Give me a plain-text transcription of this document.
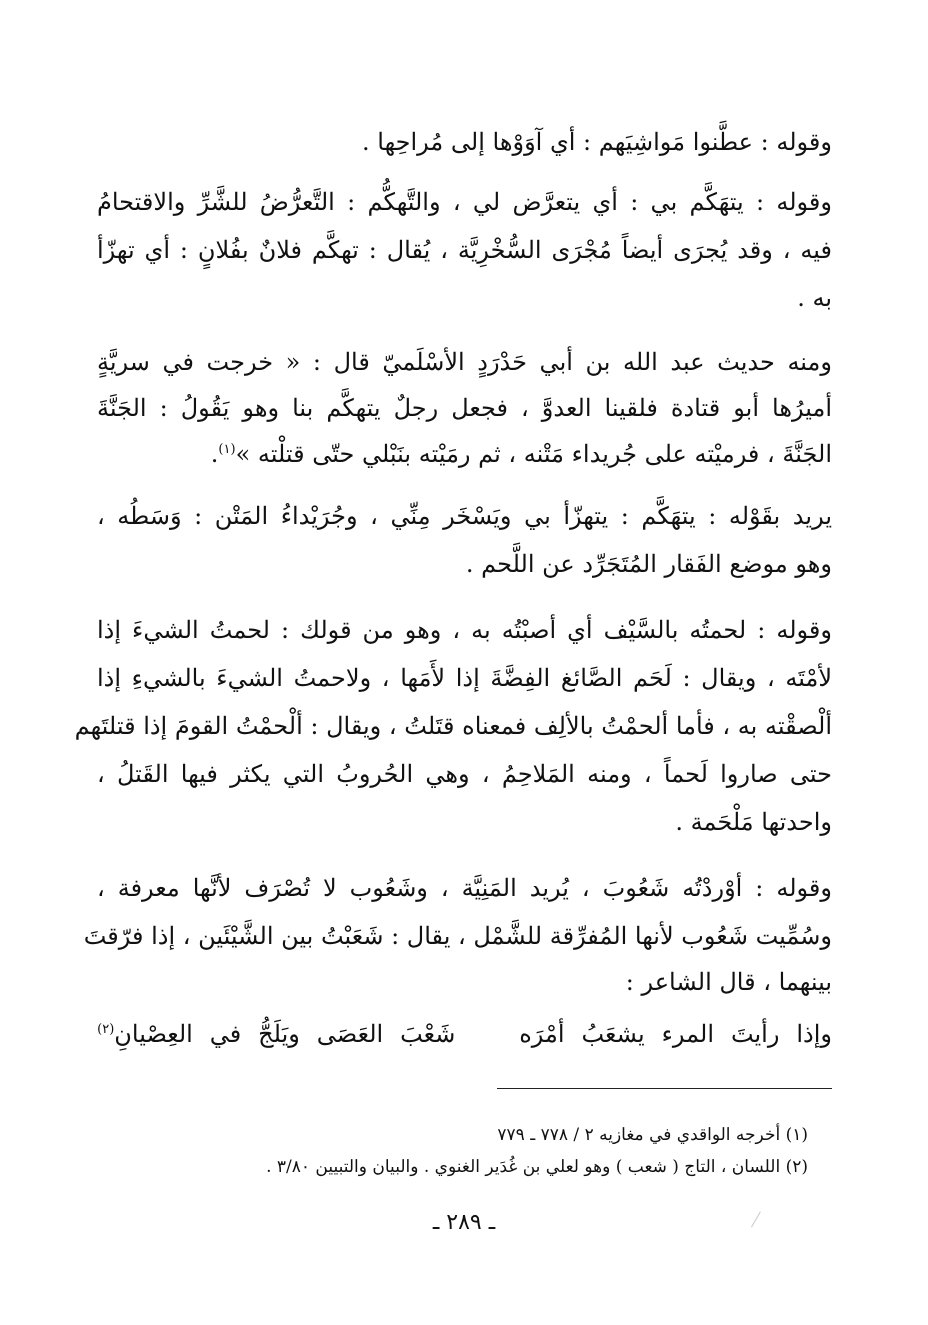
وقوله : عطَّنوا مَواشِيَهم : أي آوَوْها إلى مُراحِها .
وقوله : يتهَكَّم بي : أي يتعرَّض لي ، والتَّهكُّم : التَّعرُّضُ للشَّرِّ والاقتحامُ
فيه ، وقد يُجرَى أيضاً مُجْرَى السُّخْرِيَّة ، يُقال : تهكَّم فلانٌ بفُلانٍ : أي تهزّأ
به .
ومنه حديث عبد الله بن أبي حَدْرَدٍ الأسْلَميّ قال : « خرجت في سريَّةٍ
أميرُها أبو قتادة فلقينا العدوَّ ، فجعل رجلٌ يتهكَّم بنا وهو يَقُولُ : الجَنَّةَ
الجَنَّةَ ، فرميْته على جُريداء مَتْنه ، ثم رمَيْته بنَبْلي حتّى قتلْته »$^{(١)}$.
يريد بقَوْله : يتهَكَّم : يتهزّأ بي ويَسْخَر مِنِّي ، وجُرَيْداءُ المَتْن : وَسَطُه ،
وهو موضع الفَقار المُتَجَرِّد عن اللَّحم .
وقوله : لحمتُه بالسَّيْف أي أصبْتُه به ، وهو من قولك : لحمتُ الشيءَ إذا
لأمْتَه ، ويقال : لَحَم الصَّائغ الفِضَّةَ إذا لأَمَها ، ولاحمتُ الشيءَ بالشيءِ إذا
ألْصقْته به ، فأما ألحمْتُ بالألِف فمعناه قتَلتُ ، ويقال : ألْحمْتُ القومَ إذا قتلتَهم
حتى صاروا لَحماً ، ومنه المَلاحِمُ ، وهي الحُروبُ التي يكثر فيها القَتلُ ،
واحدتها مَلْحَمة .
وقوله : أوْردْتُه شَعُوبَ ، يُريد المَنِيَّة ، وشَعُوب لا تُصْرَف لأنَّها معرفة ،
وسُمِّيت شَعُوب لأنها المُفرِّقة للشَّمْل ، يقال : شَعَبْتُ بين الشَّيْئَين ، إذا فرّقتَ
بينهما ، قال الشاعر :
وإذا
رأيتَ
المرء
يشعَبُ
أمْرَه
شَعْبَ
العَصَى
ويَلَجُّ
في
العِصْيانِ$^{(٢)}$
(١) أخرجه الواقدي في مغازيه ٢ / ٧٧٨ ـ ٧٧٩
(٢) اللسان ، التاج ( شعب ) وهو لعلي بن غُدَير الغنوي . والبيان والتبيين ٣/٨٠ .
ـ ٢٨٩ ـ
